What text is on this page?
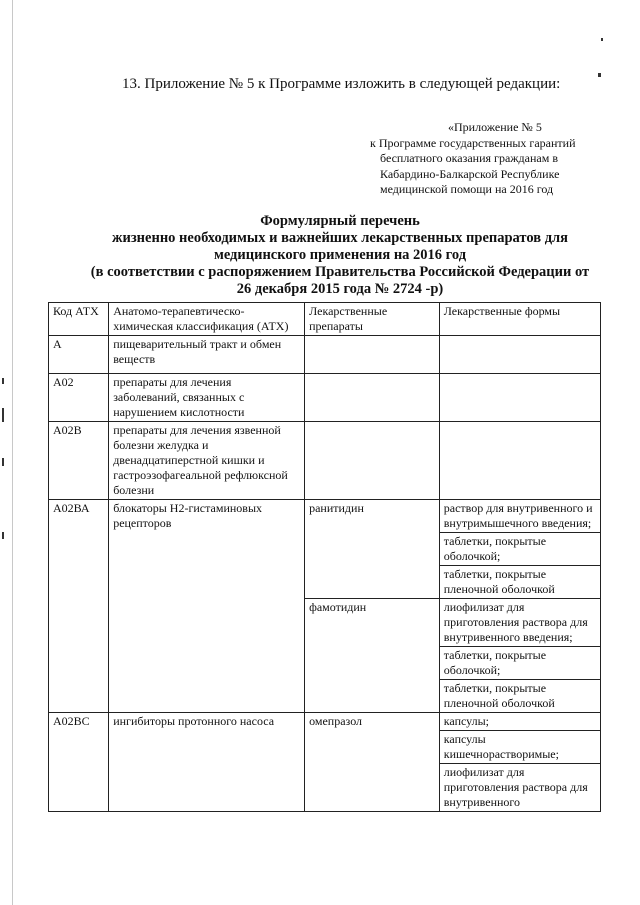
13. Приложение № 5 к Программе изложить в следующей редакции:
«Приложение № 5
к Программе государственных гарантий
бесплатного оказания гражданам в
Кабардино-Балкарской Республике
медицинской помощи на 2016 год
Формулярный перечень
жизненно необходимых и важнейших лекарственных препаратов для
медицинского применения на 2016 год
(в соответствии с распоряжением Правительства Российской Федерации от
26 декабря 2015 года № 2724 -р)
Код АТХ	Анатомо-терапевтическо-химическая классификация (АТХ)	Лекарственные препараты	Лекарственные формы
А	пищеварительный тракт и обмен веществ		
А02	препараты для лечения заболеваний, связанных с нарушением кислотности		
А02В	препараты для лечения язвенной болезни желудка и двенадцатиперстной кишки и гастроэзофагеальной рефлюксной болезни		
А02ВА	блокаторы Н2-гистаминовых рецепторов	ранитидин	раствор для внутривенного и внутримышечного введения;
			таблетки, покрытые оболочкой;
			таблетки, покрытые пленочной оболочкой
		фамотидин	лиофилизат для приготовления раствора для внутривенного введения;
			таблетки, покрытые оболочкой;
			таблетки, покрытые пленочной оболочкой
А02ВС	ингибиторы протонного насоса	омепразол	капсулы;
			капсулы кишечнорастворимые;
			лиофилизат для приготовления раствора для внутривенного
